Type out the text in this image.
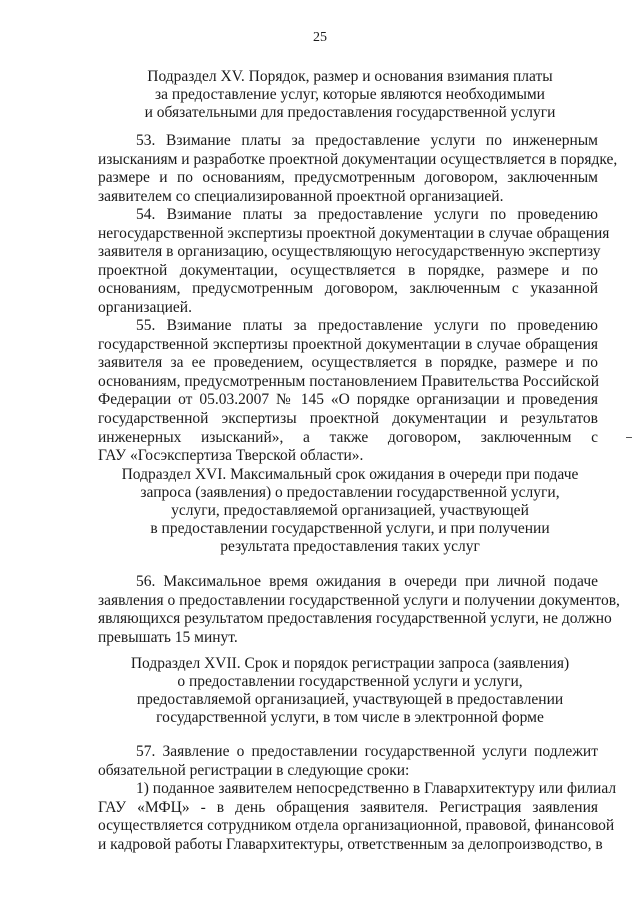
25
Подраздел XV. Порядок, размер и основания взимания платы
за предоставление услуг, которые являются необходимыми
и обязательными для предоставления государственной услуги
53. Взимание платы за предоставление услуги по инженерным
изысканиям и разработке проектной документации осуществляется в порядке,
размере и по основаниям, предусмотренным договором, заключенным
заявителем со специализированной проектной организацией.
54. Взимание платы за предоставление услуги по проведению
негосударственной экспертизы проектной документации в случае обращения
заявителя в организацию, осуществляющую негосударственную экспертизу
проектной документации, осуществляется в порядке, размере и по
основаниям, предусмотренным договором, заключенным с указанной
организацией.
55. Взимание платы за предоставление услуги по проведению
государственной экспертизы проектной документации в случае обращения
заявителя за ее проведением, осуществляется в порядке, размере и по
основаниям, предусмотренным постановлением Правительства Российской
Федерации от 05.03.2007 № 145 «О порядке организации и проведения
государственной экспертизы проектной документации и результатов
инженерных изысканий», а также договором, заключенным с
ГАУ «Госэкспертиза Тверской области».
Подраздел XVI. Максимальный срок ожидания в очереди при подаче
запроса (заявления) о предоставлении государственной услуги,
услуги, предоставляемой организацией, участвующей
в предоставлении государственной услуги, и при получении
результата предоставления таких услуг
56. Максимальное время ожидания в очереди при личной подаче
заявления о предоставлении государственной услуги и получении документов,
являющихся результатом предоставления государственной услуги, не должно
превышать 15 минут.
Подраздел XVII. Срок и порядок регистрации запроса (заявления)
о предоставлении государственной услуги и услуги,
предоставляемой организацией, участвующей в предоставлении
государственной услуги, в том числе в электронной форме
57. Заявление о предоставлении государственной услуги подлежит
обязательной регистрации в следующие сроки:
1) поданное заявителем непосредственно в Главархитектуру или филиал
ГАУ «МФЦ» - в день обращения заявителя. Регистрация заявления
осуществляется сотрудником отдела организационной, правовой, финансовой
и кадровой работы Главархитектуры, ответственным за делопроизводство, в
